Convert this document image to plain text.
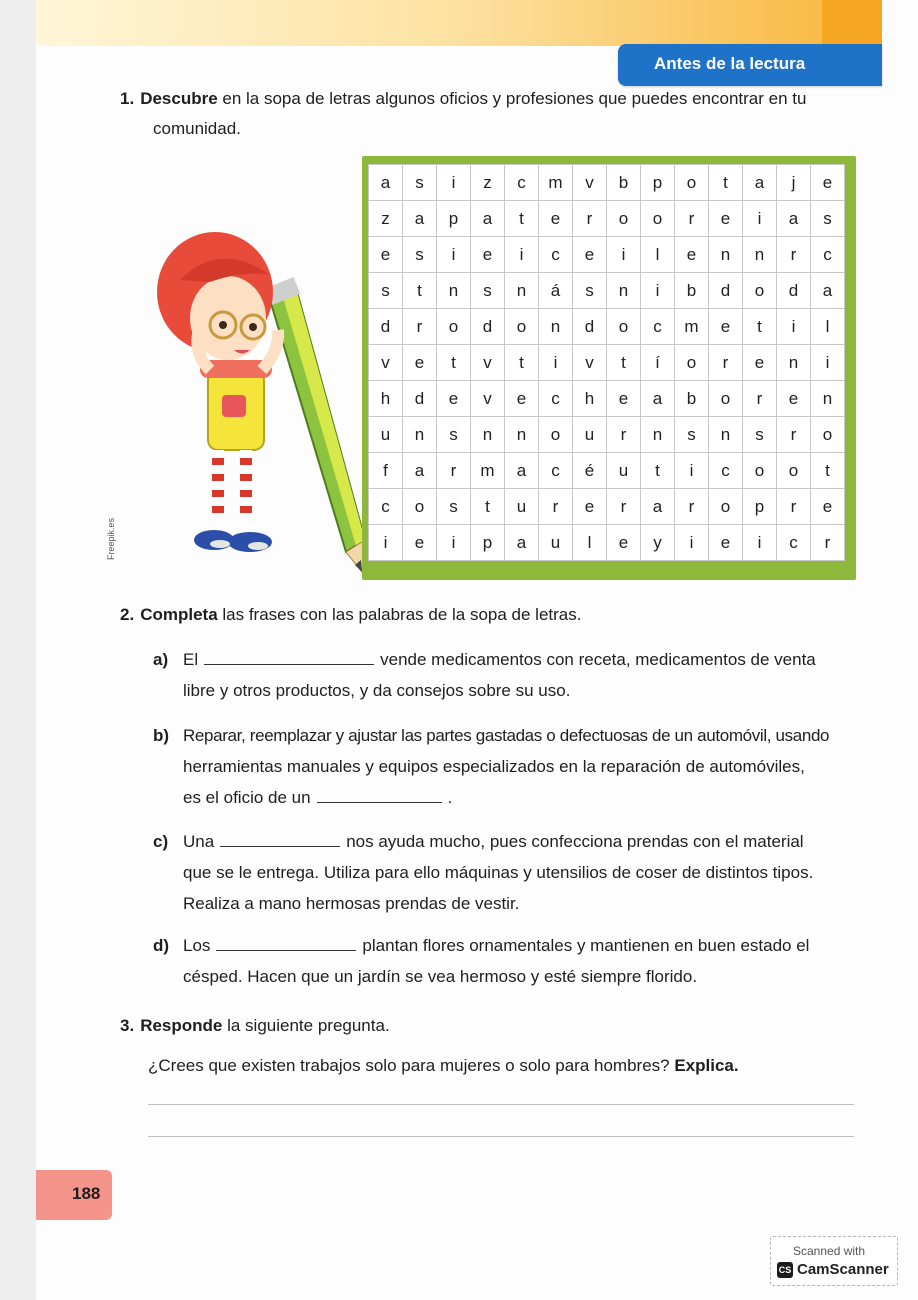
Antes de la lectura
1. Descubre en la sopa de letras algunos oficios y profesiones que puedes encontrar en tu
comunidad.
Freepik.es
a	s	i	z	c	m	v	b	p	o	t	a	j	e
z	a	p	a	t	e	r	o	o	r	e	i	a	s
e	s	i	e	i	c	e	i	l	e	n	n	r	c
s	t	n	s	n	á	s	n	i	b	d	o	d	a
d	r	o	d	o	n	d	o	c	m	e	t	i	l
v	e	t	v	t	i	v	t	í	o	r	e	n	i
h	d	e	v	e	c	h	e	a	b	o	r	e	n
u	n	s	n	n	o	u	r	n	s	n	s	r	o
f	a	r	m	a	c	é	u	t	i	c	o	o	t
c	o	s	t	u	r	e	r	a	r	o	p	r	e
i	e	i	p	a	u	l	e	y	i	e	i	c	r
2. Completa las frases con las palabras de la sopa de letras.
a) El	vende medicamentos con receta, medicamentos de venta
libre y otros productos, y da consejos sobre su uso.
b) Reparar, reemplazar y ajustar las partes gastadas o defectuosas de un automóvil, usando
herramientas manuales y equipos especializados en la reparación de automóviles,
es el oficio de un	.
c) Una	nos ayuda mucho, pues confecciona prendas con el material
que se le entrega. Utiliza para ello máquinas y utensilios de coser de distintos tipos.
Realiza a mano hermosas prendas de vestir.
d) Los	plantan flores ornamentales y mantienen en buen estado el
césped. Hacen que un jardín se vea hermoso y esté siempre florido.
3. Responde la siguiente pregunta.
¿Crees que existen trabajos solo para mujeres o solo para hombres? Explica.
188
Scanned with
CS CamScanner
